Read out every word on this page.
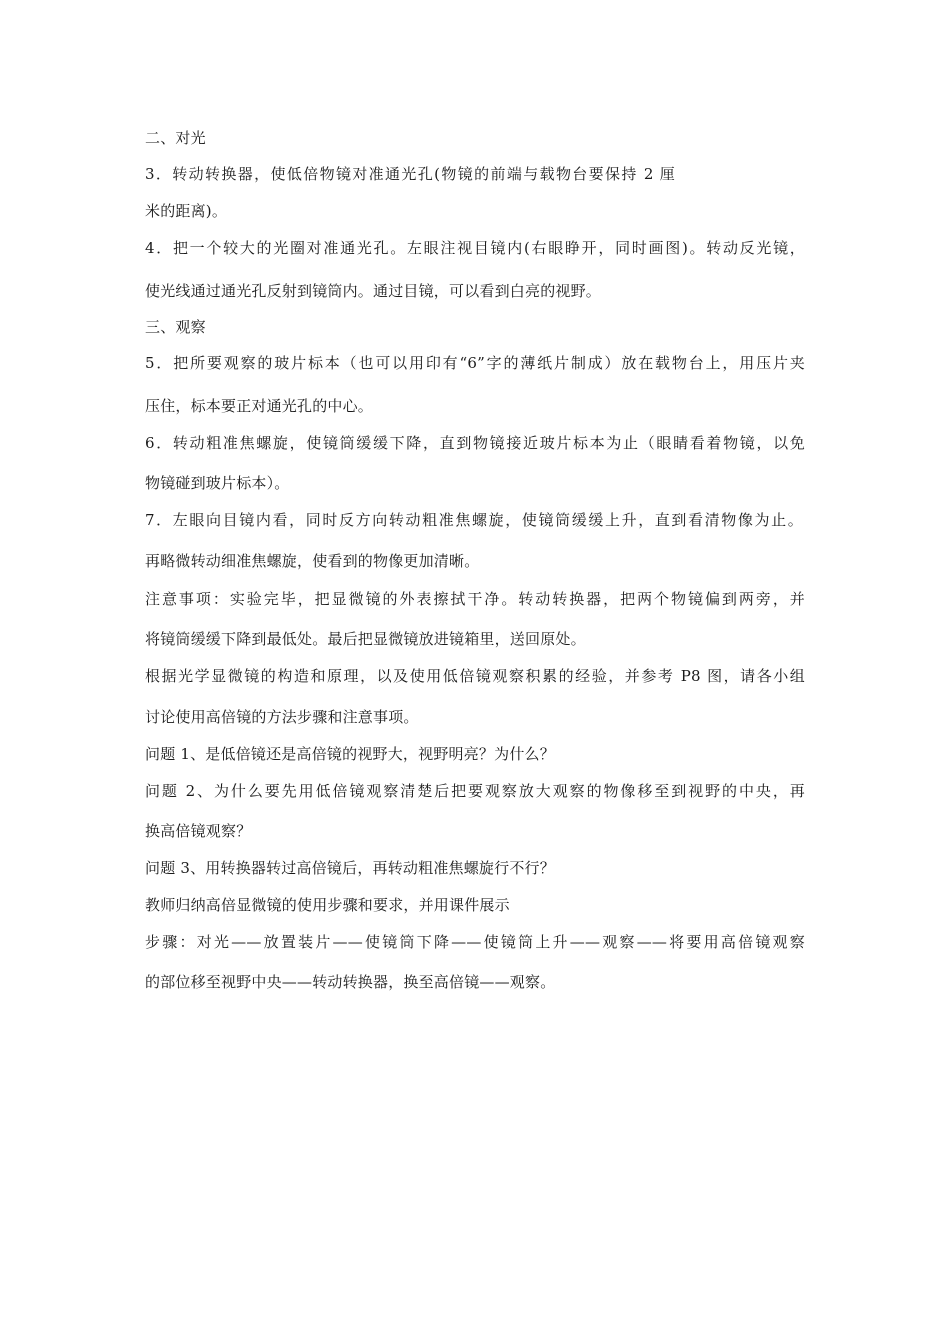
二、对光
3．转动转换器，使低倍物镜对准通光孔(物镜的前端与载物台要保持 2 厘
米的距离)。
4．把一个较大的光圈对准通光孔。左眼注视目镜内(右眼睁开，同时画图)。转动反光镜，
使光线通过通光孔反射到镜筒内。通过目镜，可以看到白亮的视野。
三、观察
5．把所要观察的玻片标本（也可以用印有“6”字的薄纸片制成）放在载物台上，用压片夹
压住，标本要正对通光孔的中心。
6．转动粗准焦螺旋，使镜筒缓缓下降，直到物镜接近玻片标本为止（眼睛看着物镜，以免
物镜碰到玻片标本）。
7．左眼向目镜内看，同时反方向转动粗准焦螺旋，使镜筒缓缓上升，直到看清物像为止。
再略微转动细准焦螺旋，使看到的物像更加清晰。
注意事项：实验完毕，把显微镜的外表擦拭干净。转动转换器，把两个物镜偏到两旁，并
将镜筒缓缓下降到最低处。最后把显微镜放进镜箱里，送回原处。
根据光学显微镜的构造和原理，以及使用低倍镜观察积累的经验，并参考 P8 图，请各小组
讨论使用高倍镜的方法步骤和注意事项。
问题 1、是低倍镜还是高倍镜的视野大，视野明亮？为什么？
问题 2、为什么要先用低倍镜观察清楚后把要观察放大观察的物像移至到视野的中央，再
换高倍镜观察？
问题 3、用转换器转过高倍镜后，再转动粗准焦螺旋行不行？
教师归纳高倍显微镜的使用步骤和要求，并用课件展示
步骤：对光——放置装片——使镜筒下降——使镜筒上升——观察——将要用高倍镜观察
的部位移至视野中央——转动转换器，换至高倍镜——观察。
